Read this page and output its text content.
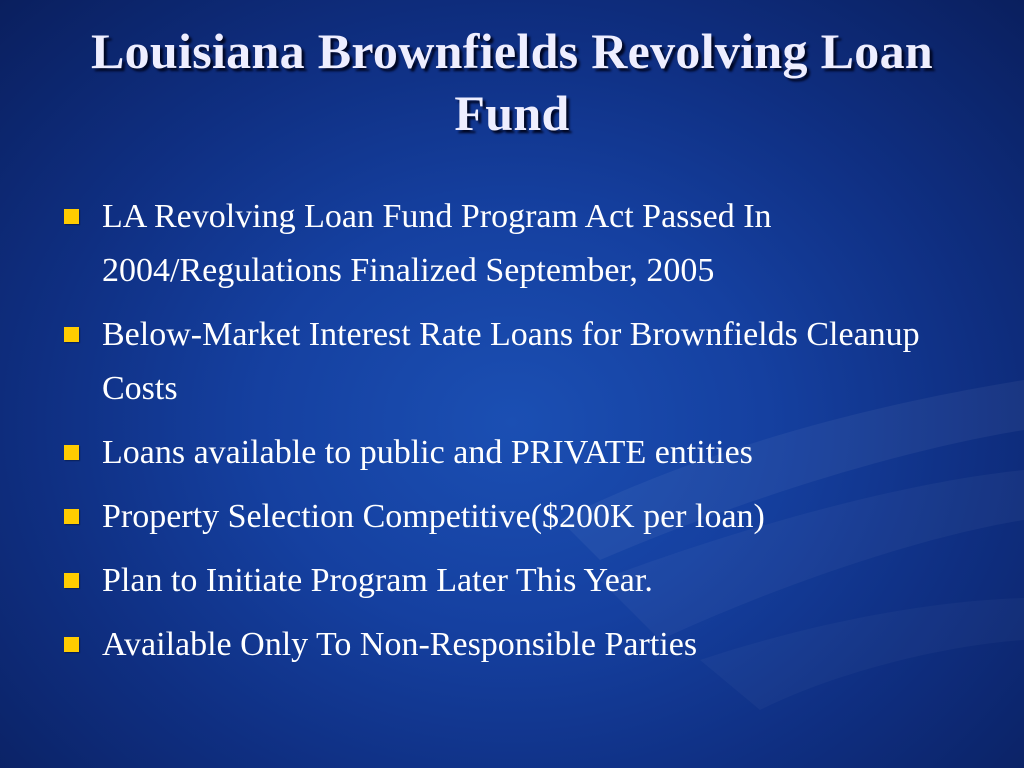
Louisiana Brownfields Revolving Loan Fund
LA Revolving Loan Fund Program Act Passed In 2004/Regulations Finalized September, 2005
Below-Market Interest Rate Loans for Brownfields Cleanup Costs
Loans available to public and PRIVATE entities
Property Selection Competitive($200K per loan)
Plan to Initiate Program Later This Year.
Available Only To Non-Responsible Parties
